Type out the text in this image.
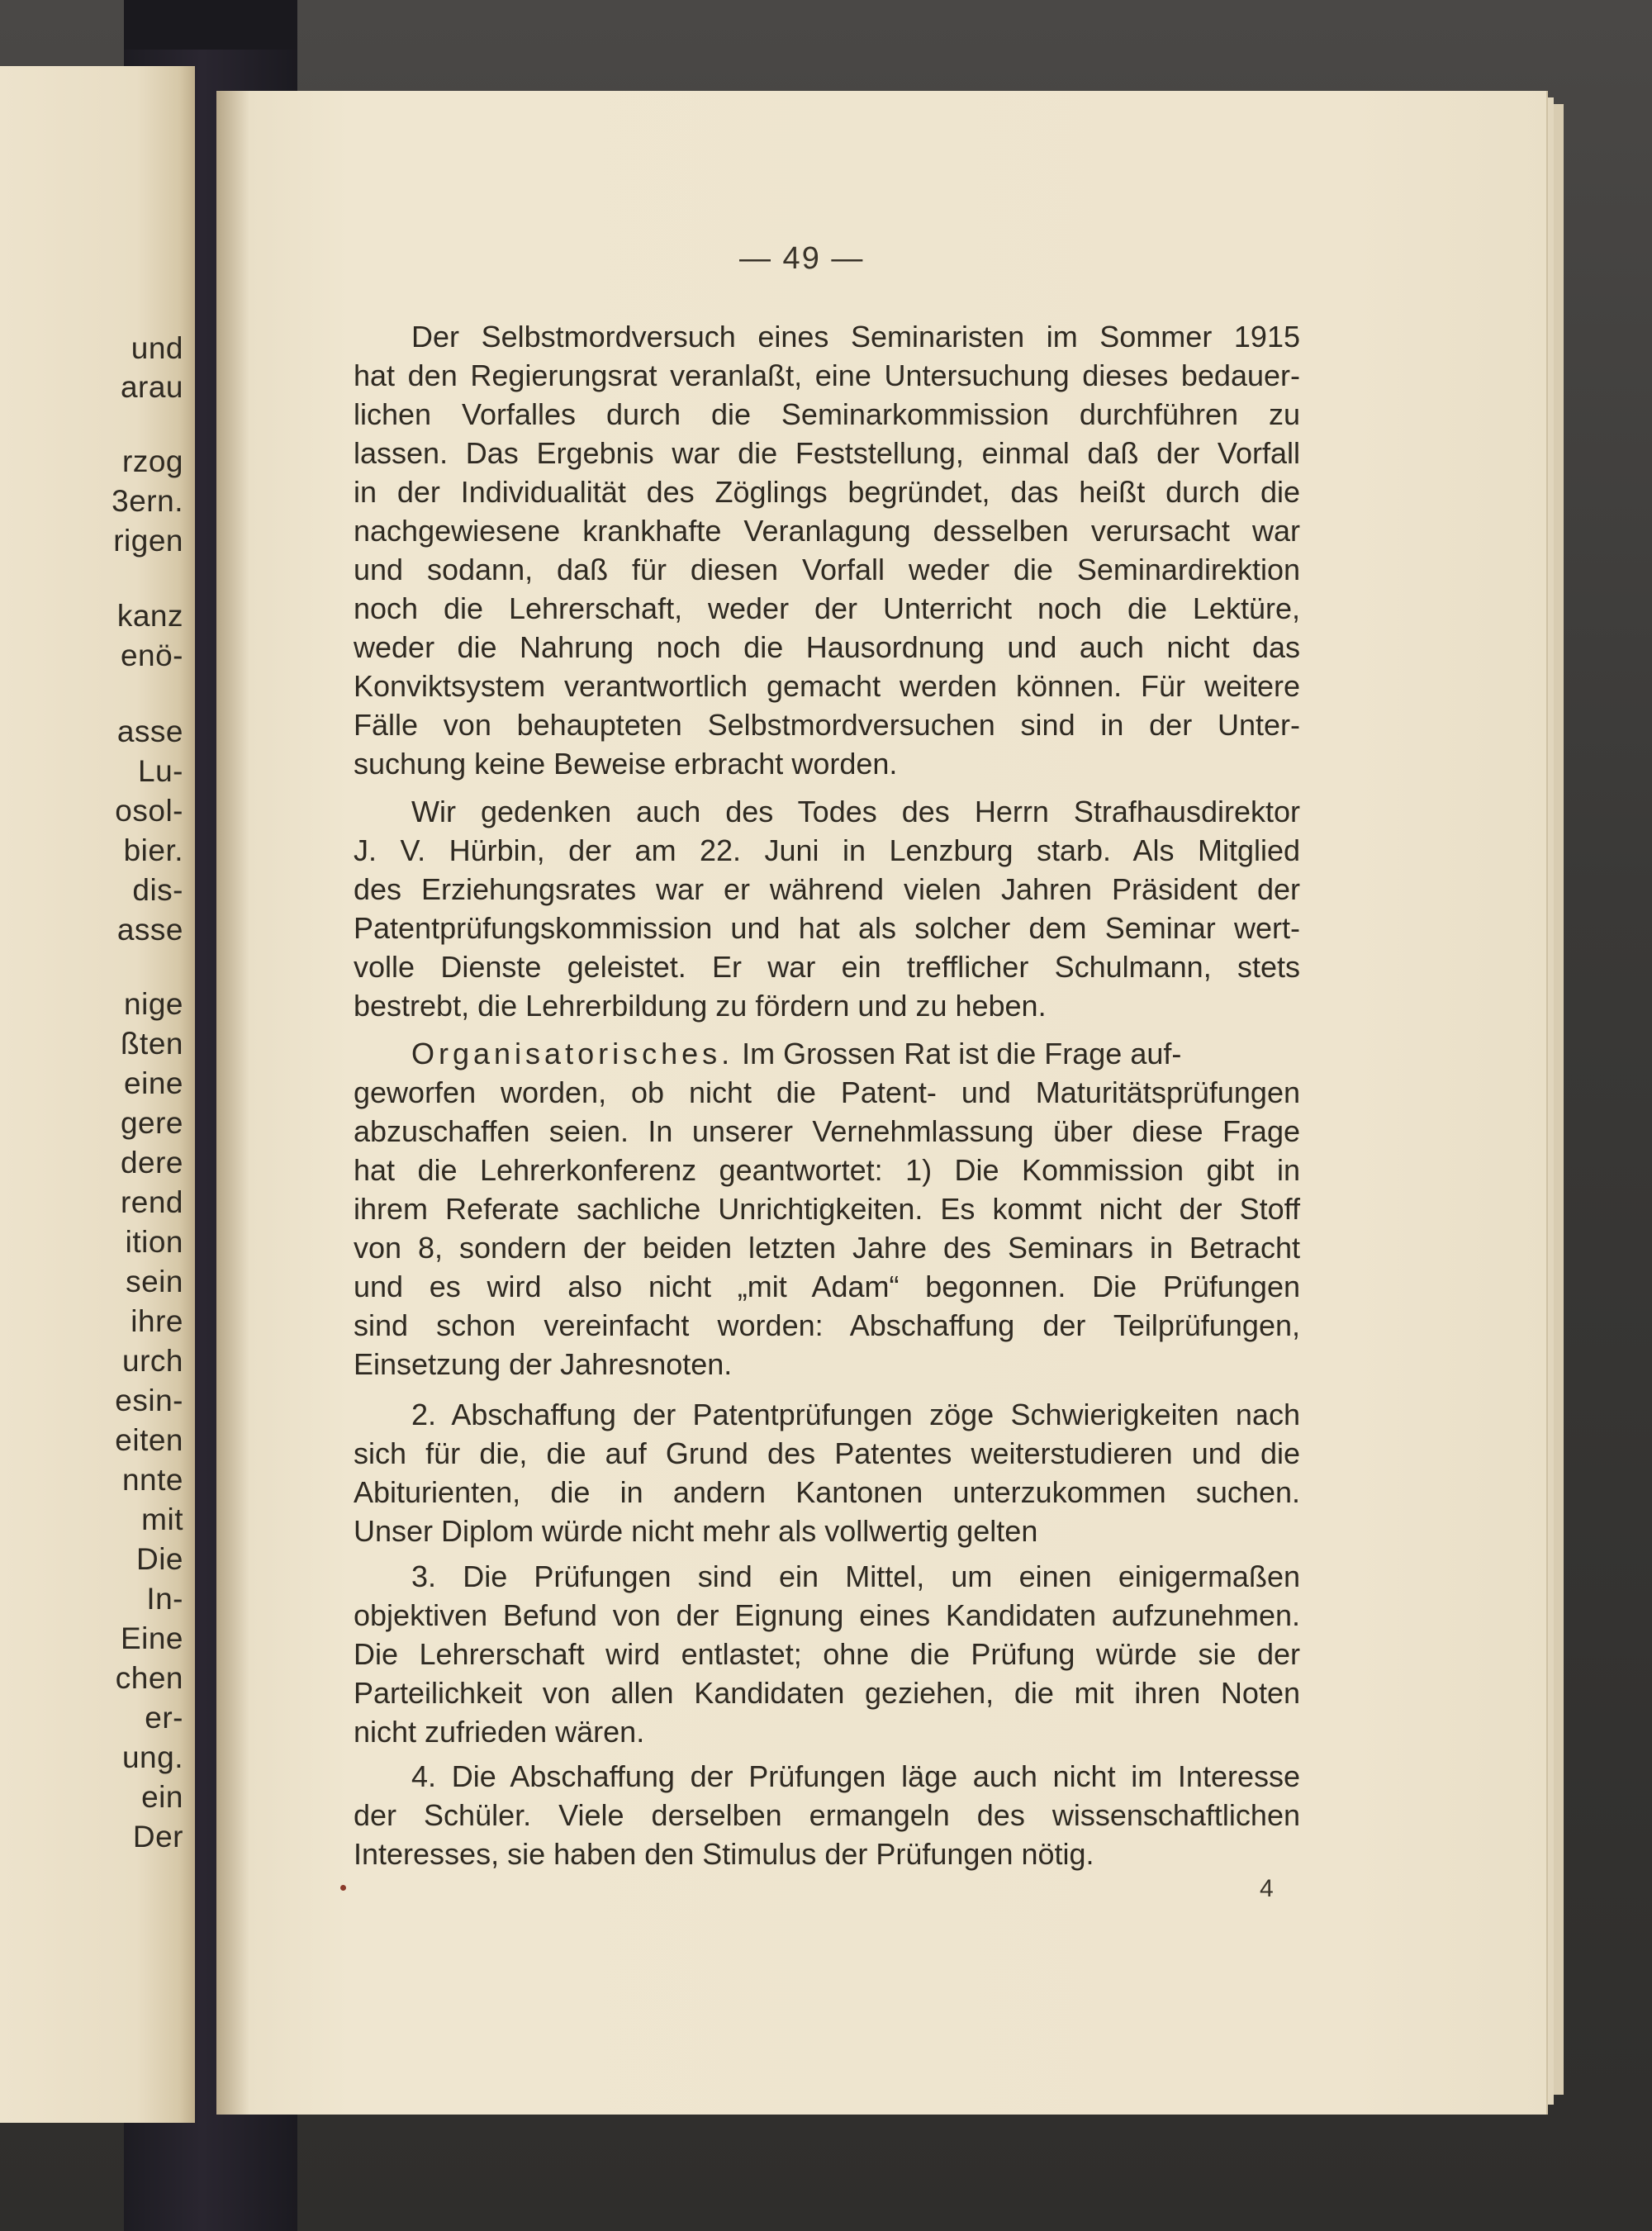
und

arau

rzog

3ern.

rigen

kanz

enö-

asse

Lu-

osol-

bier.

dis-

asse

nige

ßten

eine

gere

dere

rend

ition

sein

ihre

urch

esin-

eiten

nnte

mit

Die

In-

Eine

chen

er-

ung.

ein

Der

— 49 —

Der Selbstmordversuch eines Seminaristen im Sommer 1915

hat den Regierungsrat veranlaßt, eine Untersuchung dieses bedauer-

lichen Vorfalles durch die Seminarkommission durchführen zu

lassen. Das Ergebnis war die Feststellung, einmal daß der Vorfall

in der Individualität des Zöglings begründet, das heißt durch die

nachgewiesene krankhafte Veranlagung desselben verursacht war

und sodann, daß für diesen Vorfall weder die Seminardirektion

noch die Lehrerschaft, weder der Unterricht noch die Lektüre,

weder die Nahrung noch die Hausordnung und auch nicht das

Konviktsystem verantwortlich gemacht werden können. Für weitere

Fälle von behaupteten Selbstmordversuchen sind in der Unter-

suchung keine Beweise erbracht worden.

Wir gedenken auch des Todes des Herrn Strafhausdirektor

J. V. Hürbin, der am 22. Juni in Lenzburg starb. Als Mitglied

des Erziehungsrates war er während vielen Jahren Präsident der

Patentprüfungskommission und hat als solcher dem Seminar wert-

volle Dienste geleistet. Er war ein trefflicher Schulmann, stets

bestrebt, die Lehrerbildung zu fördern und zu heben.

Organisatorisches. Im Grossen Rat ist die Frage auf-

geworfen worden, ob nicht die Patent- und Maturitätsprüfungen

abzuschaffen seien. In unserer Vernehmlassung über diese Frage

hat die Lehrerkonferenz geantwortet: 1) Die Kommission gibt in

ihrem Referate sachliche Unrichtigkeiten. Es kommt nicht der Stoff

von 8, sondern der beiden letzten Jahre des Seminars in Betracht

und es wird also nicht „mit Adam“ begonnen. Die Prüfungen

sind schon vereinfacht worden: Abschaffung der Teilprüfungen,

Einsetzung der Jahresnoten.

2. Abschaffung der Patentprüfungen zöge Schwierigkeiten nach

sich für die, die auf Grund des Patentes weiterstudieren und die

Abiturienten, die in andern Kantonen unterzukommen suchen.

Unser Diplom würde nicht mehr als vollwertig gelten

3. Die Prüfungen sind ein Mittel, um einen einigermaßen

objektiven Befund von der Eignung eines Kandidaten aufzunehmen.

Die Lehrerschaft wird entlastet; ohne die Prüfung würde sie der

Parteilichkeit von allen Kandidaten geziehen, die mit ihren Noten

nicht zufrieden wären.

4. Die Abschaffung der Prüfungen läge auch nicht im Interesse

der Schüler. Viele derselben ermangeln des wissenschaftlichen

Interesses, sie haben den Stimulus der Prüfungen nötig.

4
